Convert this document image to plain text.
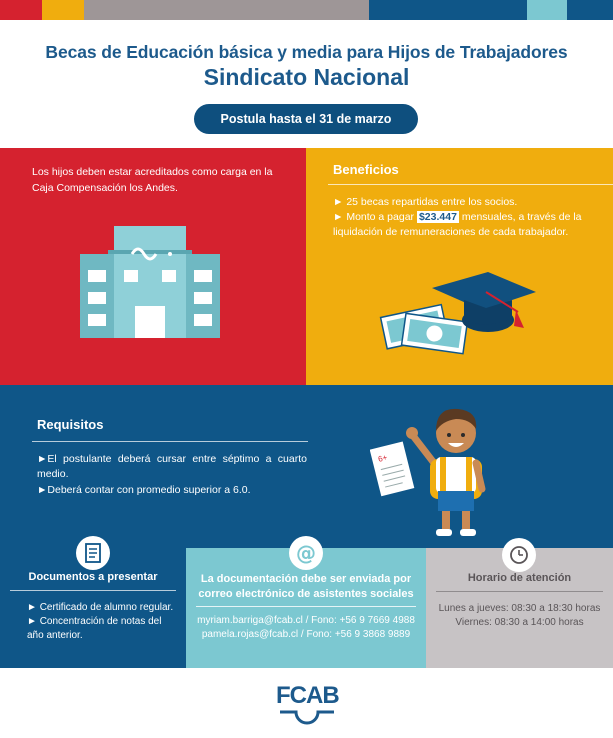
Becas de Educación básica y media para Hijos de Trabajadores
Sindicato Nacional
Postula hasta el 31 de marzo
Los hijos deben estar acreditados como carga en la Caja Compensación los Andes.
Beneficios
► 25 becas repartidas entre los socios.
► Monto a pagar $23.447 mensuales, a través de la liquidación de remuneraciones de cada trabajador.
Requisitos

►El postulante deberá cursar entre séptimo a cuarto medio.

►Deberá contar con promedio superior a 6.0.

6+
Documentos a presentar
► Certificado de alumno regular.
► Concentración de notas del año anterior.
@
La documentación debe ser enviada por
correo electrónico de asistentes sociales
myriam.barriga@fcab.cl / Fono: +56 9 7669 4988
pamela.rojas@fcab.cl / Fono: +56 9 3868 9889
Horario de atención
Lunes a jueves: 08:30 a 18:30 horas
Viernes: 08:30 a 14:00 horas
FCAB
